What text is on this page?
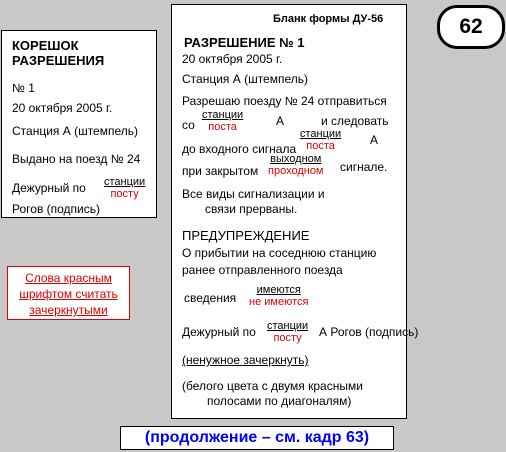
КОРЕШОК
РАЗРЕШЕНИЯ
№ 1
20 октября 2005 г.
Станция А (штемпель)
Выдано на поезд № 24
Дежурный по станции
посту
Рогов (подпись)
Бланк формы ДУ-56
РАЗРЕШЕНИЕ № 1
20 октября 2005 г.
Станция А (штемпель)
Разрешаю поезду № 24 отправиться
со
станции
поста	А	и следовать
до входного сигнала
станции
поста	А
при закрытом
выходном
проходном сигнале.
Все виды сигнализации и
связи прерваны.
ПРЕДУПРЕЖДЕНИЕ
О прибытии на соседнюю станцию
ранее отправленного поезда
сведения
имеются
не имеются
Дежурный по станции
посту	А Рогов (подпись)
(ненужное зачеркнуть)
(белого цвета с двумя красными
полосами по диагоналям)
62
Слова красным
шрифтом считать
зачеркнутыми
(продолжение – см. кадр 63)
